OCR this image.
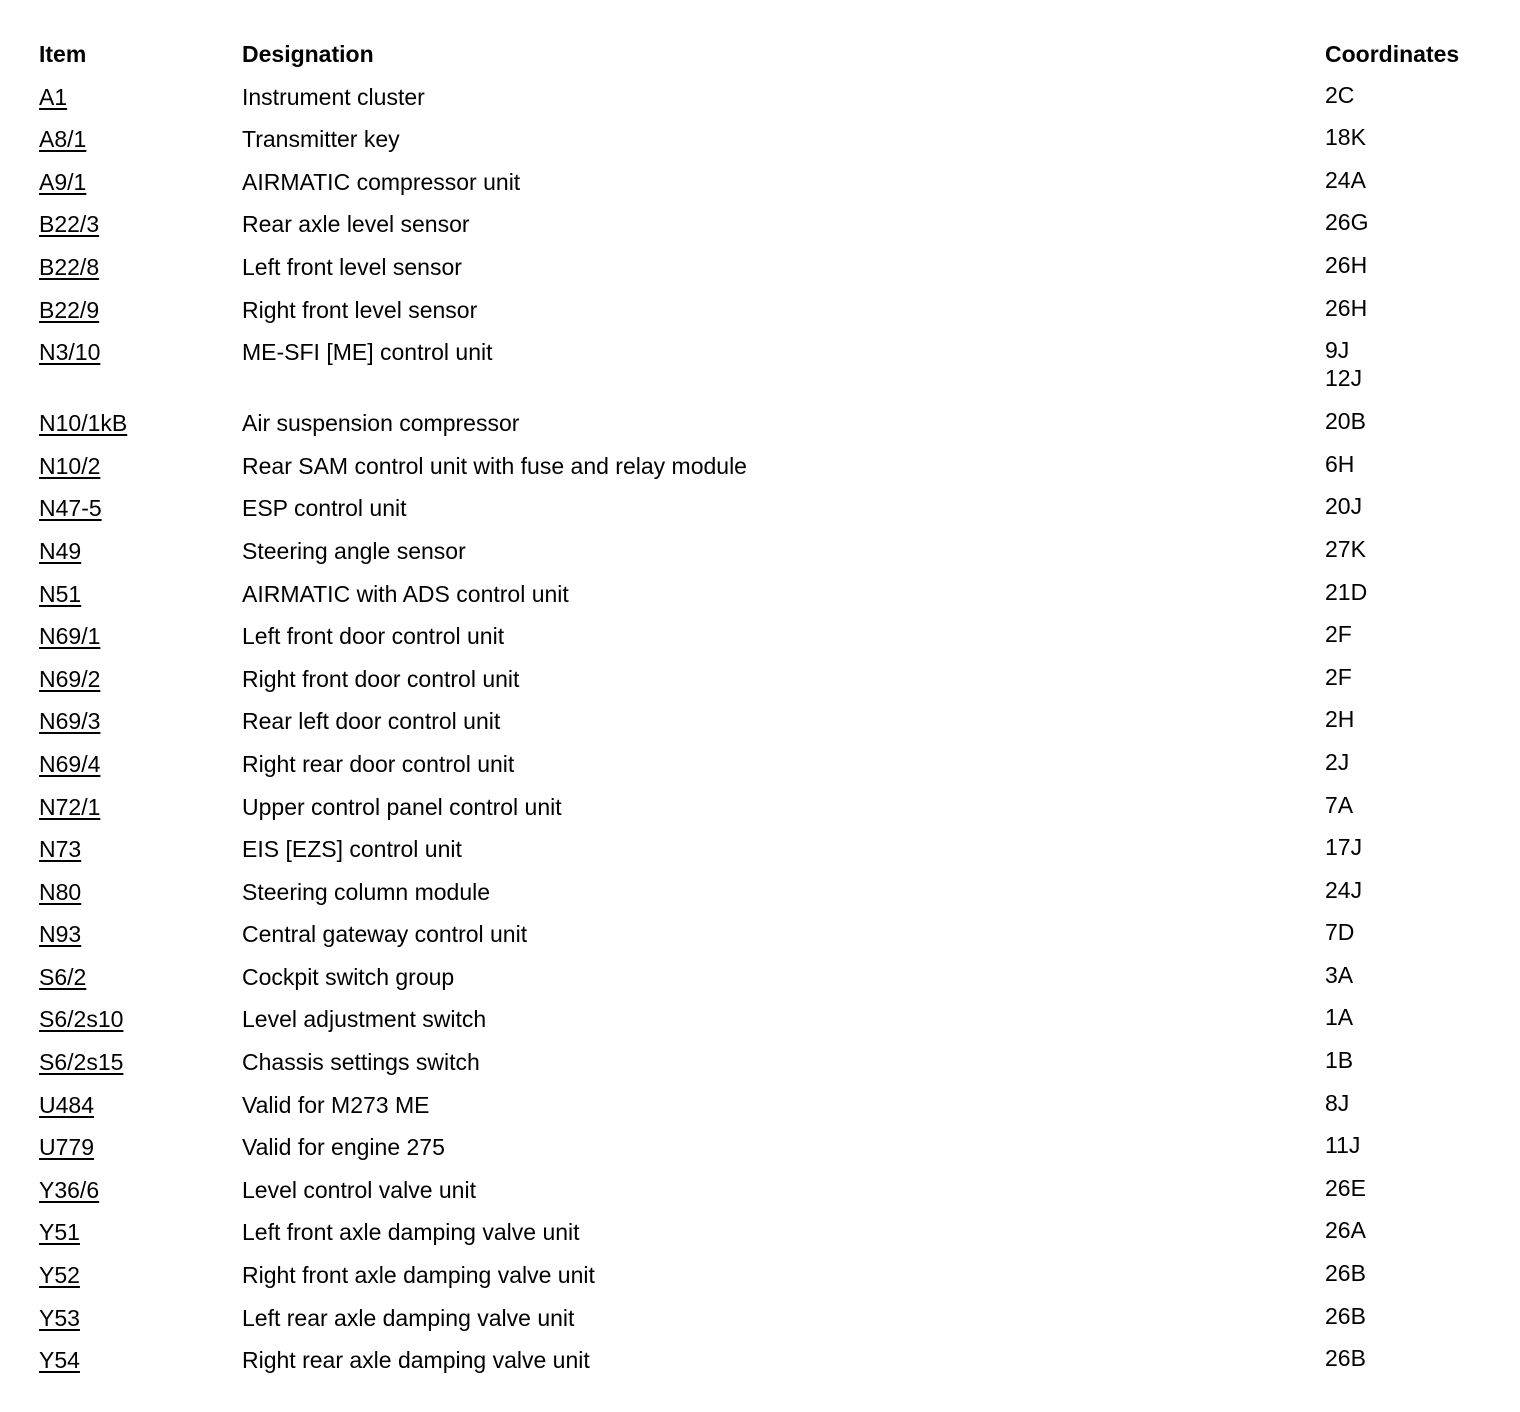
Item	Designation	Coordinates
A1	Instrument cluster	2C
A8/1	Transmitter key	18K
A9/1	AIRMATIC compressor unit	24A
B22/3	Rear axle level sensor	26G
B22/8	Left front level sensor	26H
B22/9	Right front level sensor	26H
N3/10	ME-SFI [ME] control unit	9J
12J
N10/1kB	Air suspension compressor	20B
N10/2	Rear SAM control unit with fuse and relay module	6H
N47-5	ESP control unit	20J
N49	Steering angle sensor	27K
N51	AIRMATIC with ADS control unit	21D
N69/1	Left front door control unit	2F
N69/2	Right front door control unit	2F
N69/3	Rear left door control unit	2H
N69/4	Right rear door control unit	2J
N72/1	Upper control panel control unit	7A
N73	EIS [EZS] control unit	17J
N80	Steering column module	24J
N93	Central gateway control unit	7D
S6/2	Cockpit switch group	3A
S6/2s10	Level adjustment switch	1A
S6/2s15	Chassis settings switch	1B
U484	Valid for M273 ME	8J
U779	Valid for engine 275	11J
Y36/6	Level control valve unit	26E
Y51	Left front axle damping valve unit	26A
Y52	Right front axle damping valve unit	26B
Y53	Left rear axle damping valve unit	26B
Y54	Right rear axle damping valve unit	26B
